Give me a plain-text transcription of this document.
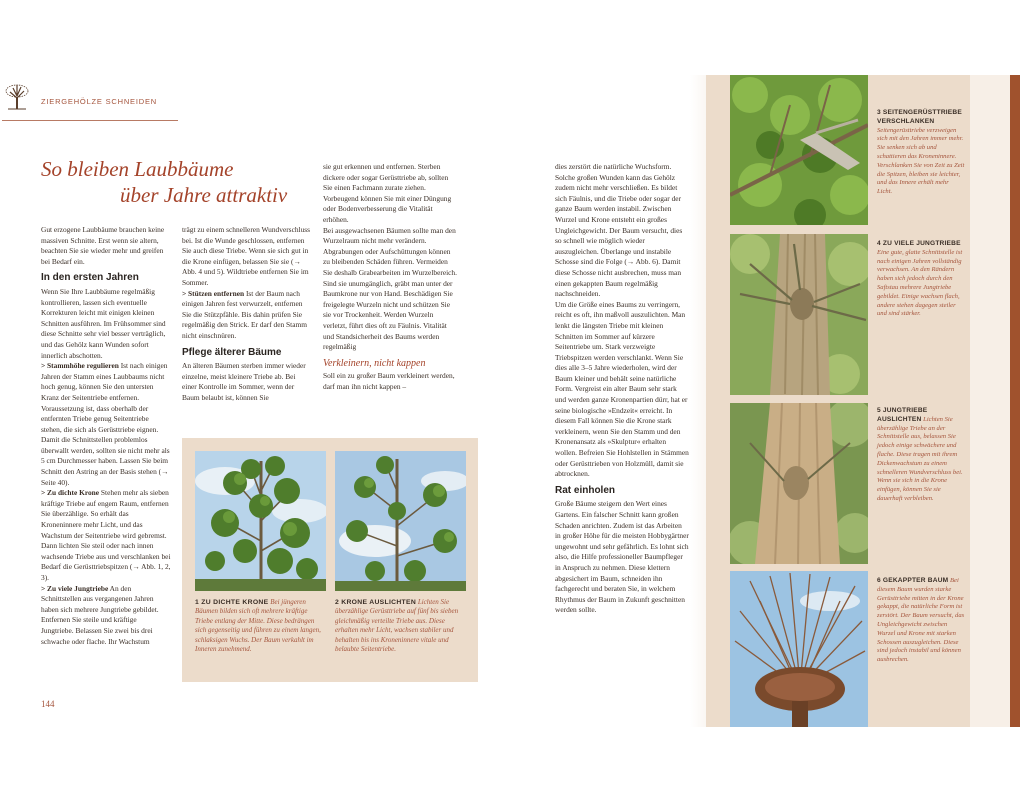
ZIERGEHÖLZE SCHNEIDEN
So bleiben Laubbäume
über Jahre attraktiv

Gut erzogene Laubbäume brauchen keine massiven Schnitte. Erst wenn sie altern, beachten Sie sie wieder mehr und greifen bei Bedarf ein.

In den ersten Jahren

Wenn Sie Ihre Laubbäume regelmäßig kontrollieren, lassen sich eventuelle Korrekturen leicht mit einigen kleinen Schnitten ausführen. Im Frühsommer sind diese Schnitte sehr viel besser verträglich, und das Gehölz kann Wunden sofort innerlich abschotten.

> Stammhöhe regulieren Ist nach einigen Jahren der Stamm eines Laubbaums nicht hoch genug, können Sie den untersten Kranz der Seitentriebe entfernen. Voraussetzung ist, dass oberhalb der entfernten Triebe genug Seitentriebe stehen, die sich als Gerüsttriebe eignen. Damit die Schnittstellen problemlos überwallt werden, sollten sie nicht mehr als 5 cm Durchmesser haben. Lassen Sie beim Schnitt den Astring an der Basis stehen (→ Seite 40).

> Zu dichte Krone Stehen mehr als sieben kräftige Triebe auf engem Raum, entfernen Sie überzählige. So erhält das Kroneninnere mehr Licht, und das Wachstum der Seitentriebe wird gebremst. Dann lichten Sie steil oder nach innen wachsende Triebe aus und verschlanken bei Bedarf die Gerüsttriebspitzen (→ Abb. 1, 2, 3).

> Zu viele Jungtriebe An den Schnittstellen aus vergangenen Jahren haben sich mehrere Jungtriebe gebildet. Entfernen Sie steile und kräftige Jungtriebe. Belassen Sie zwei bis drei schwache oder flache. Ihr Wachstum

trägt zu einem schnelleren Wundverschluss bei. Ist die Wunde geschlossen, entfernen Sie auch diese Triebe. Wenn sie sich gut in die Krone einfügen, belassen Sie sie (→ Abb. 4 und 5). Wildtriebe entfernen Sie im Sommer.

> Stützen entfernen Ist der Baum nach einigen Jahren fest verwurzelt, entfernen Sie die Stützpfähle. Bis dahin prüfen Sie regelmäßig den Strick. Er darf den Stamm nicht einschnüren.

Pflege älterer Bäume

An älteren Bäumen sterben immer wieder einzelne, meist kleinere Triebe ab. Bei einer Kontrolle im Sommer, wenn der Baum belaubt ist, können Sie

sie gut erkennen und entfernen. Sterben dickere oder sogar Gerüsttriebe ab, sollten Sie einen Fachmann zurate ziehen. Vorbeugend können Sie mit einer Düngung oder Bodenverbesserung die Vitalität erhöhen.

Bei ausgewachsenen Bäumen sollte man den Wurzelraum nicht mehr verändern. Abgrabungen oder Aufschüttungen können zu bleibenden Schäden führen. Vermeiden Sie deshalb Grabearbeiten im Wurzelbereich. Sind sie unumgänglich, gräbt man unter der Baumkrone nur von Hand. Beschädigen Sie freigelegte Wurzeln nicht und schützen Sie sie vor Trockenheit. Werden Wurzeln verletzt, führt dies oft zu Fäulnis. Vitalität und Standsicherheit des Baums werden regelmäßig

Verkleinern, nicht kappen

Soll ein zu großer Baum verkleinert werden, darf man ihn nicht kappen –

1 ZU DICHTE KRONE Bei jüngeren Bäumen bilden sich oft mehrere kräftige Triebe entlang der Mitte. Diese bedrängen sich gegenseitig und führen zu einem langen, schlaksigen Wuchs. Der Baum verkahlt im Inneren zunehmend.
2 KRONE AUSLICHTEN Lichten Sie überzählige Gerüsttriebe auf fünf bis sieben gleichmäßig verteilte Triebe aus. Diese erhalten mehr Licht, wachsen stabiler und behalten bis ins Kroneninnere vitale und belaubte Seitentriebe.
144

dies zerstört die natürliche Wuchsform. Solche großen Wunden kann das Gehölz zudem nicht mehr verschließen. Es bildet sich Fäulnis, und die Triebe oder sogar der ganze Baum werden instabil. Zwischen Wurzel und Krone entsteht ein großes Ungleichgewicht. Der Baum versucht, dies so schnell wie möglich wieder auszugleichen. Überlange und instabile Schosse sind die Folge (→ Abb. 6). Damit diese Schosse nicht ausbrechen, muss man einen gekappten Baum regelmäßig nachschneiden.

Um die Größe eines Baums zu verringern, reicht es oft, ihn maßvoll auszulichten. Man lenkt die längsten Triebe mit kleinen Schnitten im Sommer auf kürzere Seitentriebe um. Stark verzweigte Triebspitzen werden verschlankt. Wenn Sie dies alle 3–5 Jahre wiederholen, wird der Baum kleiner und behält seine natürliche Form. Vergreist ein alter Baum sehr stark und werden ganze Kronenpartien dürr, hat er seine biologische »Endzeit« erreicht. In diesem Fall können Sie die Krone stark verkleinern, wenn Sie den Stamm und den Kronenansatz als »Skulptur« erhalten wollen. Befreien Sie Hohlstellen in Stämmen oder Gerüsttrieben von Holzmüll, damit sie abtrocknen.

Rat einholen

Große Bäume steigern den Wert eines Gartens. Ein falscher Schnitt kann großen Schaden anrichten. Zudem ist das Arbeiten in großer Höhe für die meisten Hobbygärtner ungewohnt und sehr gefährlich. Es lohnt sich also, die Hilfe professioneller Baumpfleger in Anspruch zu nehmen. Diese klettern abgesichert im Baum, schneiden ihn fachgerecht und beraten Sie, in welchem Rhythmus der Baum in Zukunft geschnitten werden sollte.

3 SEITENGERÜSTTRIEBE VERSCHLANKEN Seitengerüsttriebe verzweigen sich mit den Jahren immer mehr. Sie senken sich ab und schattieren das Kroneninnere. Verschlanken Sie von Zeit zu Zeit die Spitzen, bleiben sie leichter, und das Innere erhält mehr Licht.
4 ZU VIELE JUNGTRIEBE Eine gute, glatte Schnittstelle ist nach einigen Jahren vollständig verwachsen. An den Rändern haben sich jedoch durch den Saftstau mehrere Jungtriebe gebildet. Einige wachsen flach, andere stehen dagegen steiler und sind stärker.
5 JUNGTRIEBE AUSLICHTEN Lichten Sie überzählige Triebe an der Schnittstelle aus, belassen Sie jedoch einige schwächere und flache. Diese tragen mit ihrem Dickenwachstum zu einem schnelleren Wundverschluss bei. Wenn sie sich in die Krone einfügen, können Sie sie dauerhaft verbleiben.
6 GEKAPPTER BAUM Bei diesem Baum wurden starke Gerüsttriebe mitten in der Krone gekappt, die natürliche Form ist zerstört. Der Baum versucht, das Ungleichgewicht zwischen Wurzel und Krone mit starken Schossen auszugleichen. Diese sind jedoch instabil und können ausbrechen.
